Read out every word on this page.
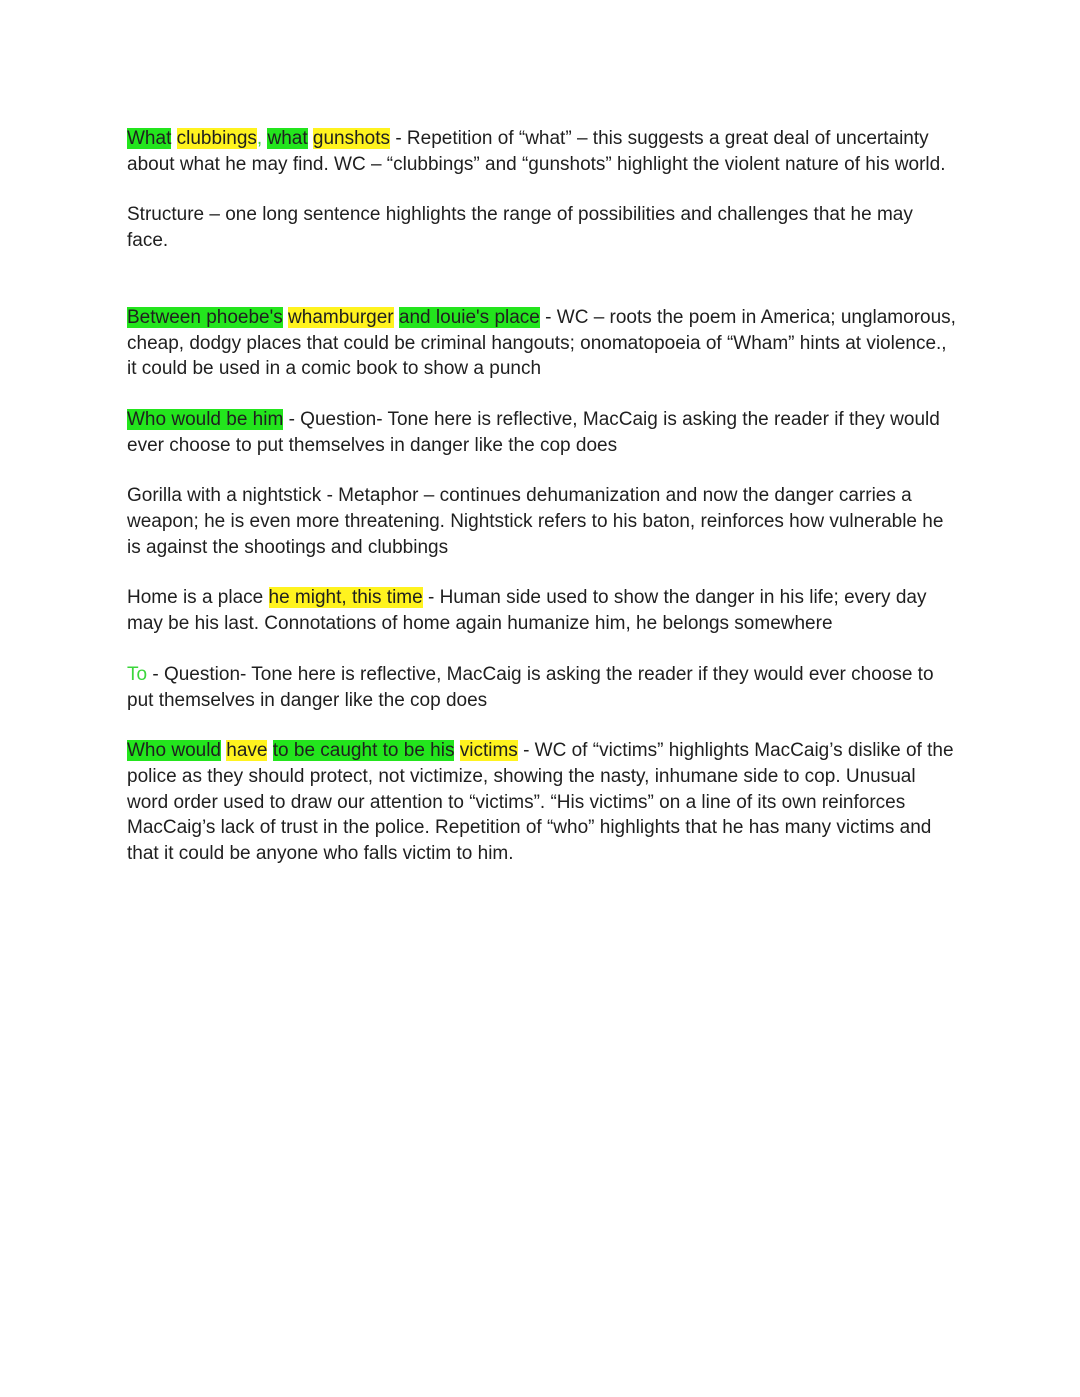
What clubbings, what gunshots - Repetition of “what” – this suggests a great deal of uncertainty about what he may find. WC – “clubbings” and “gunshots” highlight the violent nature of his world.

Structure – one long sentence highlights the range of possibilities and challenges that he may face.

Between phoebe's whamburger and louie's place - WC – roots the poem in America; unglamorous, cheap, dodgy places that could be criminal hangouts; onomatopoeia of “Wham” hints at violence., it could be used in a comic book to show a punch

Who would be him - Question- Tone here is reflective, MacCaig is asking the reader if they would ever choose to put themselves in danger like the cop does

Gorilla with a nightstick - Metaphor – continues dehumanization and now the danger carries a weapon; he is even more threatening. Nightstick refers to his baton, reinforces how vulnerable he is against the shootings and clubbings

Home is a place he might, this time - Human side used to show the danger in his life; every day may be his last. Connotations of home again humanize him, he belongs somewhere

To - Question- Tone here is reflective, MacCaig is asking the reader if they would ever choose to put themselves in danger like the cop does

Who would have to be caught to be his victims - WC of “victims” highlights MacCaig’s dislike of the police as they should protect, not victimize, showing the nasty, inhumane side to cop. Unusual word order used to draw our attention to “victims”. “His victims” on a line of its own reinforces MacCaig’s lack of trust in the police. Repetition of “who” highlights that he has many victims and that it could be anyone who falls victim to him.
